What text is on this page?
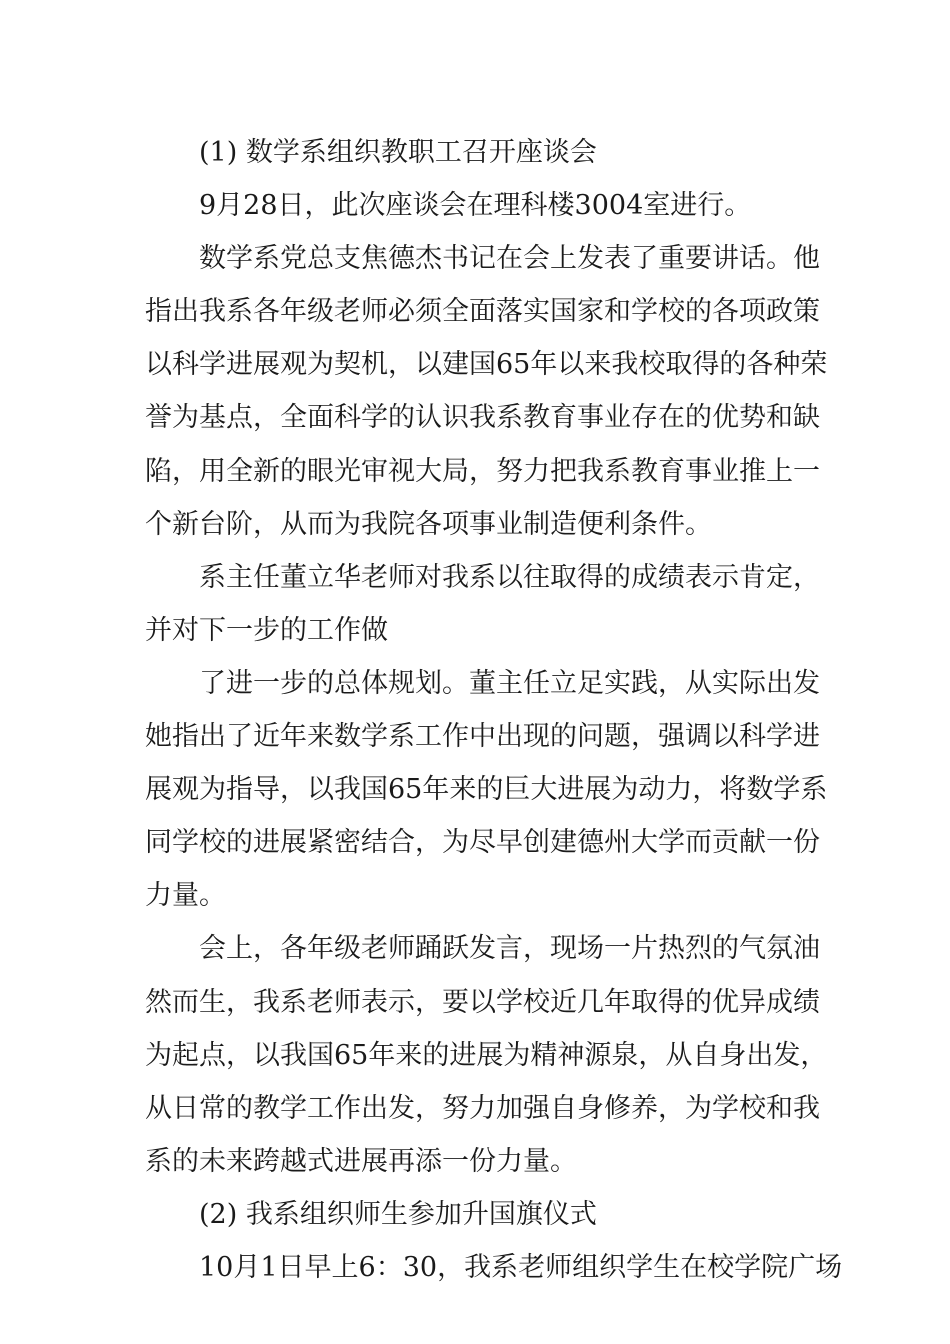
(1) 数学系组织教职工召开座谈会
9月28日，此次座谈会在理科楼3004室进行。
数学系党总支焦德杰书记在会上发表了重要讲话。他
指出我系各年级老师必须全面落实国家和学校的各项政策
以科学进展观为契机，以建国65年以来我校取得的各种荣
誉为基点，全面科学的认识我系教育事业存在的优势和缺
陷，用全新的眼光审视大局，努力把我系教育事业推上一
个新台阶，从而为我院各项事业制造便利条件。
系主任董立华老师对我系以往取得的成绩表示肯定，
并对下一步的工作做
了进一步的总体规划。董主任立足实践，从实际出发
她指出了近年来数学系工作中出现的问题，强调以科学进
展观为指导，以我国65年来的巨大进展为动力，将数学系
同学校的进展紧密结合，为尽早创建德州大学而贡献一份
力量。
会上，各年级老师踊跃发言，现场一片热烈的气氛油
然而生，我系老师表示，要以学校近几年取得的优异成绩
为起点，以我国65年来的进展为精神源泉，从自身出发，
从日常的教学工作出发，努力加强自身修养，为学校和我
系的未来跨越式进展再添一份力量。
(2) 我系组织师生参加升国旗仪式
10月1日早上6：30，我系老师组织学生在校学院广场
